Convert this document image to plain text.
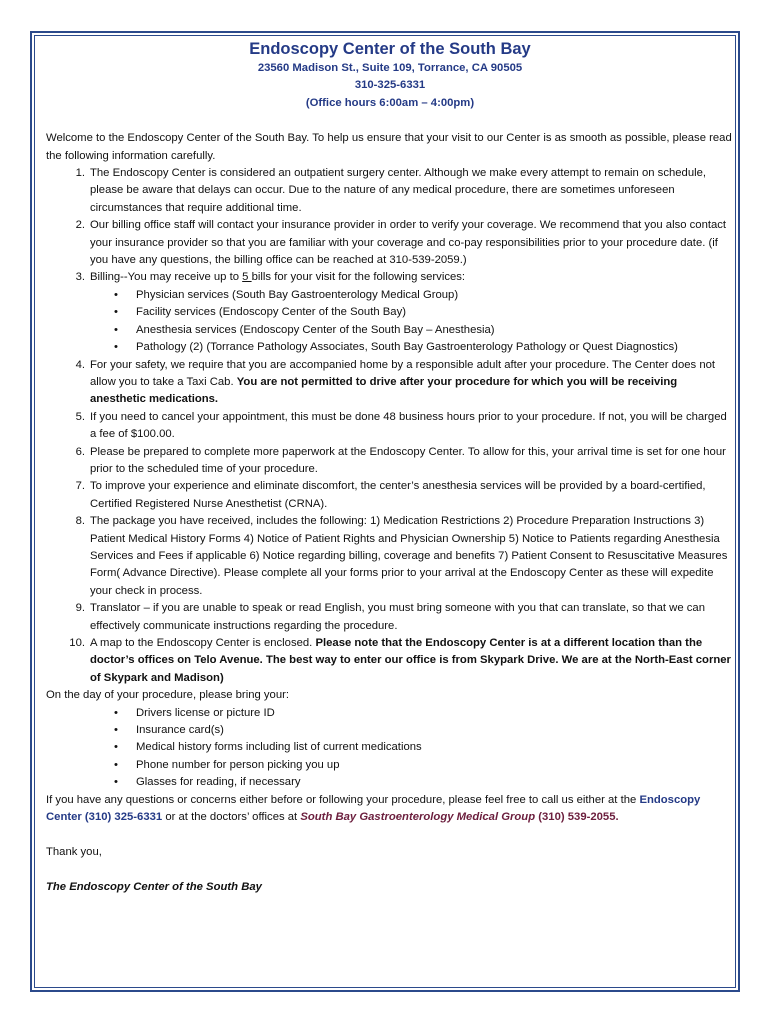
Endoscopy Center of the South Bay
23560 Madison St., Suite 109, Torrance, CA 90505
310-325-6331
(Office hours 6:00am – 4:00pm)

Welcome to the Endoscopy Center of the South Bay. To help us ensure that your visit to our Center is as smooth as possible, please read the following information carefully.

1. The Endoscopy Center is considered an outpatient surgery center. Although we make every attempt to remain on schedule, please be aware that delays can occur. Due to the nature of any medical procedure, there are sometimes unforeseen circumstances that require additional time.
2. Our billing office staff will contact your insurance provider in order to verify your coverage. We recommend that you also contact your insurance provider so that you are familiar with your coverage and co-pay responsibilities prior to your procedure date. (if you have any questions, the billing office can be reached at 310-539-2059.)
3. Billing--You may receive up to 5 bills for your visit for the following services:
• Physician services (South Bay Gastroenterology Medical Group)
• Facility services (Endoscopy Center of the South Bay)
• Anesthesia services (Endoscopy Center of the South Bay – Anesthesia)
• Pathology (2) (Torrance Pathology Associates, South Bay Gastroenterology Pathology or Quest Diagnostics)
4. For your safety, we require that you are accompanied home by a responsible adult after your procedure. The Center does not allow you to take a Taxi Cab. You are not permitted to drive after your procedure for which you will be receiving anesthetic medications.
5. If you need to cancel your appointment, this must be done 48 business hours prior to your procedure. If not, you will be charged a fee of $100.00.
6. Please be prepared to complete more paperwork at the Endoscopy Center. To allow for this, your arrival time is set for one hour prior to the scheduled time of your procedure.
7. To improve your experience and eliminate discomfort, the center’s anesthesia services will be provided by a board-certified, Certified Registered Nurse Anesthetist (CRNA).
8. The package you have received, includes the following: 1) Medication Restrictions 2) Procedure Preparation Instructions 3) Patient Medical History Forms 4) Notice of Patient Rights and Physician Ownership 5) Notice to Patients regarding Anesthesia Services and Fees if applicable 6) Notice regarding billing, coverage and benefits 7) Patient Consent to Resuscitative Measures Form( Advance Directive). Please complete all your forms prior to your arrival at the Endoscopy Center as these will expedite your check in process.
9. Translator – if you are unable to speak or read English, you must bring someone with you that can translate, so that we can effectively communicate instructions regarding the procedure.
10. A map to the Endoscopy Center is enclosed. Please note that the Endoscopy Center is at a different location than the doctor’s offices on Telo Avenue. The best way to enter our office is from Skypark Drive. We are at the North-East corner of Skypark and Madison)

On the day of your procedure, please bring your:

• Drivers license or picture ID
• Insurance card(s)
• Medical history forms including list of current medications
• Phone number for person picking you up
• Glasses for reading, if necessary

If you have any questions or concerns either before or following your procedure, please feel free to call us either at the Endoscopy Center (310) 325-6331 or at the doctors’ offices at South Bay Gastroenterology Medical Group (310) 539-2055.

Thank you,

The Endoscopy Center of the South Bay
